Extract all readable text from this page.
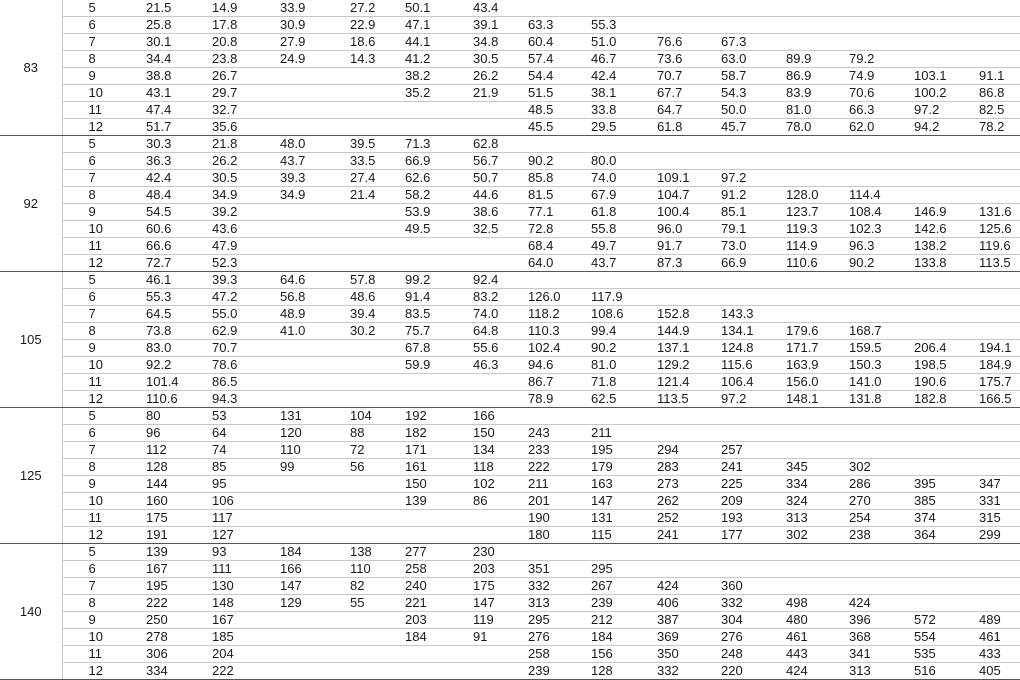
83	5	21.5	14.9	33.9	27.2	50.1	43.4								
	6	25.8	17.8	30.9	22.9	47.1	39.1	63.3	55.3						
	7	30.1	20.8	27.9	18.6	44.1	34.8	60.4	51.0	76.6	67.3				
	8	34.4	23.8	24.9	14.3	41.2	30.5	57.4	46.7	73.6	63.0	89.9	79.2		
	9	38.8	26.7			38.2	26.2	54.4	42.4	70.7	58.7	86.9	74.9	103.1	91.1
	10	43.1	29.7			35.2	21.9	51.5	38.1	67.7	54.3	83.9	70.6	100.2	86.8
	11	47.4	32.7					48.5	33.8	64.7	50.0	81.0	66.3	97.2	82.5
	12	51.7	35.6					45.5	29.5	61.8	45.7	78.0	62.0	94.2	78.2
92	5	30.3	21.8	48.0	39.5	71.3	62.8								
	6	36.3	26.2	43.7	33.5	66.9	56.7	90.2	80.0						
	7	42.4	30.5	39.3	27.4	62.6	50.7	85.8	74.0	109.1	97.2				
	8	48.4	34.9	34.9	21.4	58.2	44.6	81.5	67.9	104.7	91.2	128.0	114.4		
	9	54.5	39.2			53.9	38.6	77.1	61.8	100.4	85.1	123.7	108.4	146.9	131.6
	10	60.6	43.6			49.5	32.5	72.8	55.8	96.0	79.1	119.3	102.3	142.6	125.6
	11	66.6	47.9					68.4	49.7	91.7	73.0	114.9	96.3	138.2	119.6
	12	72.7	52.3					64.0	43.7	87.3	66.9	110.6	90.2	133.8	113.5
105	5	46.1	39.3	64.6	57.8	99.2	92.4								
	6	55.3	47.2	56.8	48.6	91.4	83.2	126.0	117.9						
	7	64.5	55.0	48.9	39.4	83.5	74.0	118.2	108.6	152.8	143.3				
	8	73.8	62.9	41.0	30.2	75.7	64.8	110.3	99.4	144.9	134.1	179.6	168.7		
	9	83.0	70.7			67.8	55.6	102.4	90.2	137.1	124.8	171.7	159.5	206.4	194.1
	10	92.2	78.6			59.9	46.3	94.6	81.0	129.2	115.6	163.9	150.3	198.5	184.9
	11	101.4	86.5					86.7	71.8	121.4	106.4	156.0	141.0	190.6	175.7
	12	110.6	94.3					78.9	62.5	113.5	97.2	148.1	131.8	182.8	166.5
125	5	80	53	131	104	192	166								
	6	96	64	120	88	182	150	243	211						
	7	112	74	110	72	171	134	233	195	294	257				
	8	128	85	99	56	161	118	222	179	283	241	345	302		
	9	144	95			150	102	211	163	273	225	334	286	395	347
	10	160	106			139	86	201	147	262	209	324	270	385	331
	11	175	117					190	131	252	193	313	254	374	315
	12	191	127					180	115	241	177	302	238	364	299
140	5	139	93	184	138	277	230								
	6	167	111	166	110	258	203	351	295						
	7	195	130	147	82	240	175	332	267	424	360				
	8	222	148	129	55	221	147	313	239	406	332	498	424		
	9	250	167			203	119	295	212	387	304	480	396	572	489
	10	278	185			184	91	276	184	369	276	461	368	554	461
	11	306	204					258	156	350	248	443	341	535	433
	12	334	222					239	128	332	220	424	313	516	405
